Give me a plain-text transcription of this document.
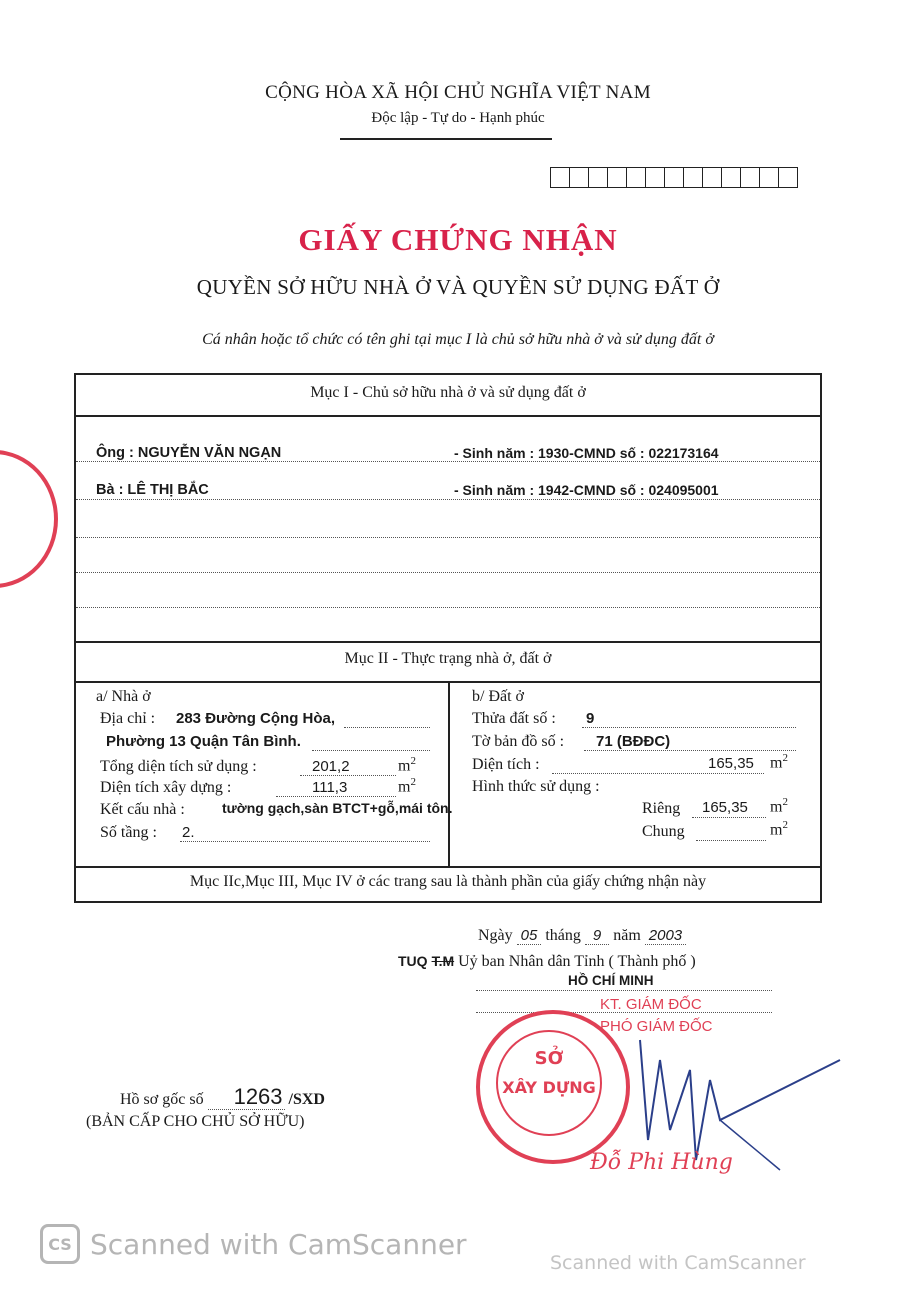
CỘNG HÒA XÃ HỘI CHỦ NGHĨA VIỆT NAM
Độc lập - Tự do - Hạnh phúc
GIẤY CHỨNG NHẬN
QUYỀN SỞ HỮU NHÀ Ở VÀ QUYỀN SỬ DỤNG ĐẤT Ở
Cá nhân hoặc tổ chức có tên ghi tại mục I là chủ sở hữu nhà ở và sử dụng đất ở
Mục I - Chủ sở hữu nhà ở và sử dụng đất ở
Ông : NGUYỄN VĂN NGẠN	- Sinh năm : 1930-CMND số : 022173164
Bà : LÊ THỊ BẮC	- Sinh năm : 1942-CMND số : 024095001
Mục II - Thực trạng nhà ở, đất ở
a/ Nhà ở
Địa chỉ : 283 Đường Cộng Hòa,
Phường 13 Quận Tân Bình.
Tổng diện tích sử dụng :	201,2	$m^2$
Diện tích xây dựng :	111,3	$m^2$
Kết cấu nhà :	tường gạch,sàn BTCT+gỗ,mái tôn.
Số tầng : 2.
b/ Đất ở
Thửa đất số : 9
Tờ bản đồ số : 71 (BĐĐC)
Diện tích :	165,35 $m^2$
Hình thức sử dụng :
Riêng 165,35 $m^2$
Chung	$m^2$
Mục IIc,Mục III, Mục IV ở các trang sau là thành phần của giấy chứng nhận này
Ngày 05 tháng 9 năm 2003
TUQ T.M Uỷ ban Nhân dân Tỉnh ( Thành phố )
HỒ CHÍ MINH
KT. GIÁM ĐỐC
PHÓ GIÁM ĐỐC
SỞ
XÂY DỰNG
Đỗ Phi Hùng
Hồ sơ gốc số 1263 /SXD
(BẢN CẤP CHO CHỦ SỞ HỮU)
CS Scanned with CamScanner
Scanned with CamScanner
